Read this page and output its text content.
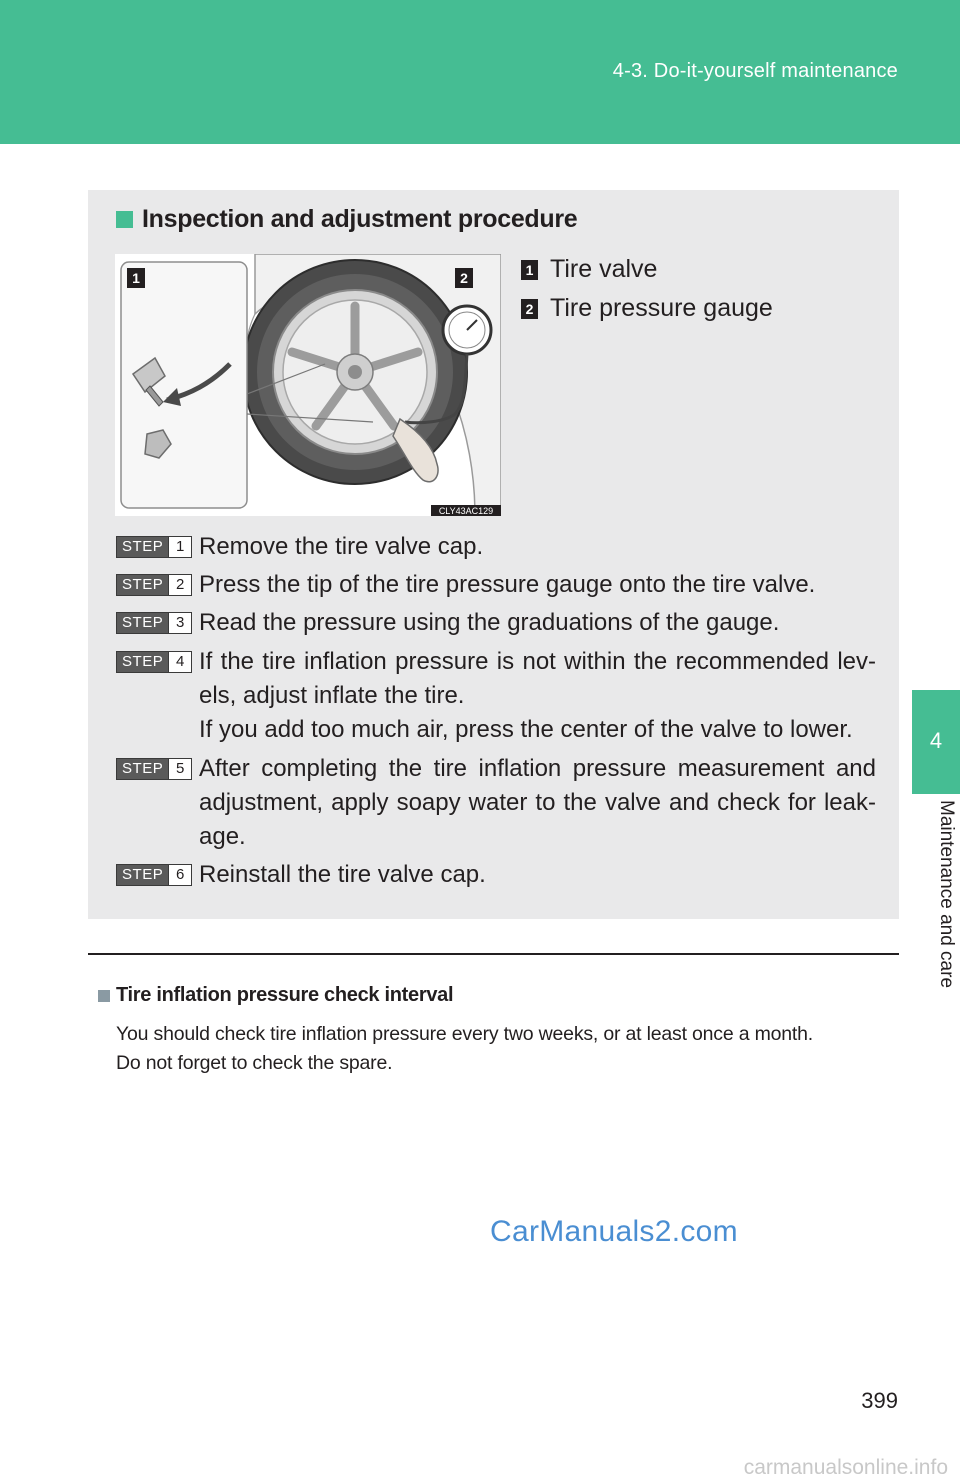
4-3. Do-it-yourself maintenance
4
Maintenance and care
Inspection and adjustment procedure
1	2
CLY43AC129
1 Tire valve
2 Tire pressure gauge
STEP 1 Remove the tire valve cap.

STEP 2 Press the tip of the tire pressure gauge onto the tire valve.

STEP 3 Read the pressure using the graduations of the gauge.

STEP 4 If the tire inflation pressure is not within the recommended lev-els, adjust inflate the tire.

If you add too much air, press the center of the valve to lower.

STEP 5 After completing the tire inflation pressure measurement and adjustment, apply soapy water to the valve and check for leak-age.

STEP 6 Reinstall the tire valve cap.

Tire inflation pressure check interval

You should check tire inflation pressure every two weeks, or at least once a month.

Do not forget to check the spare.

CarManuals2.com
399
carmanualsonline.info
